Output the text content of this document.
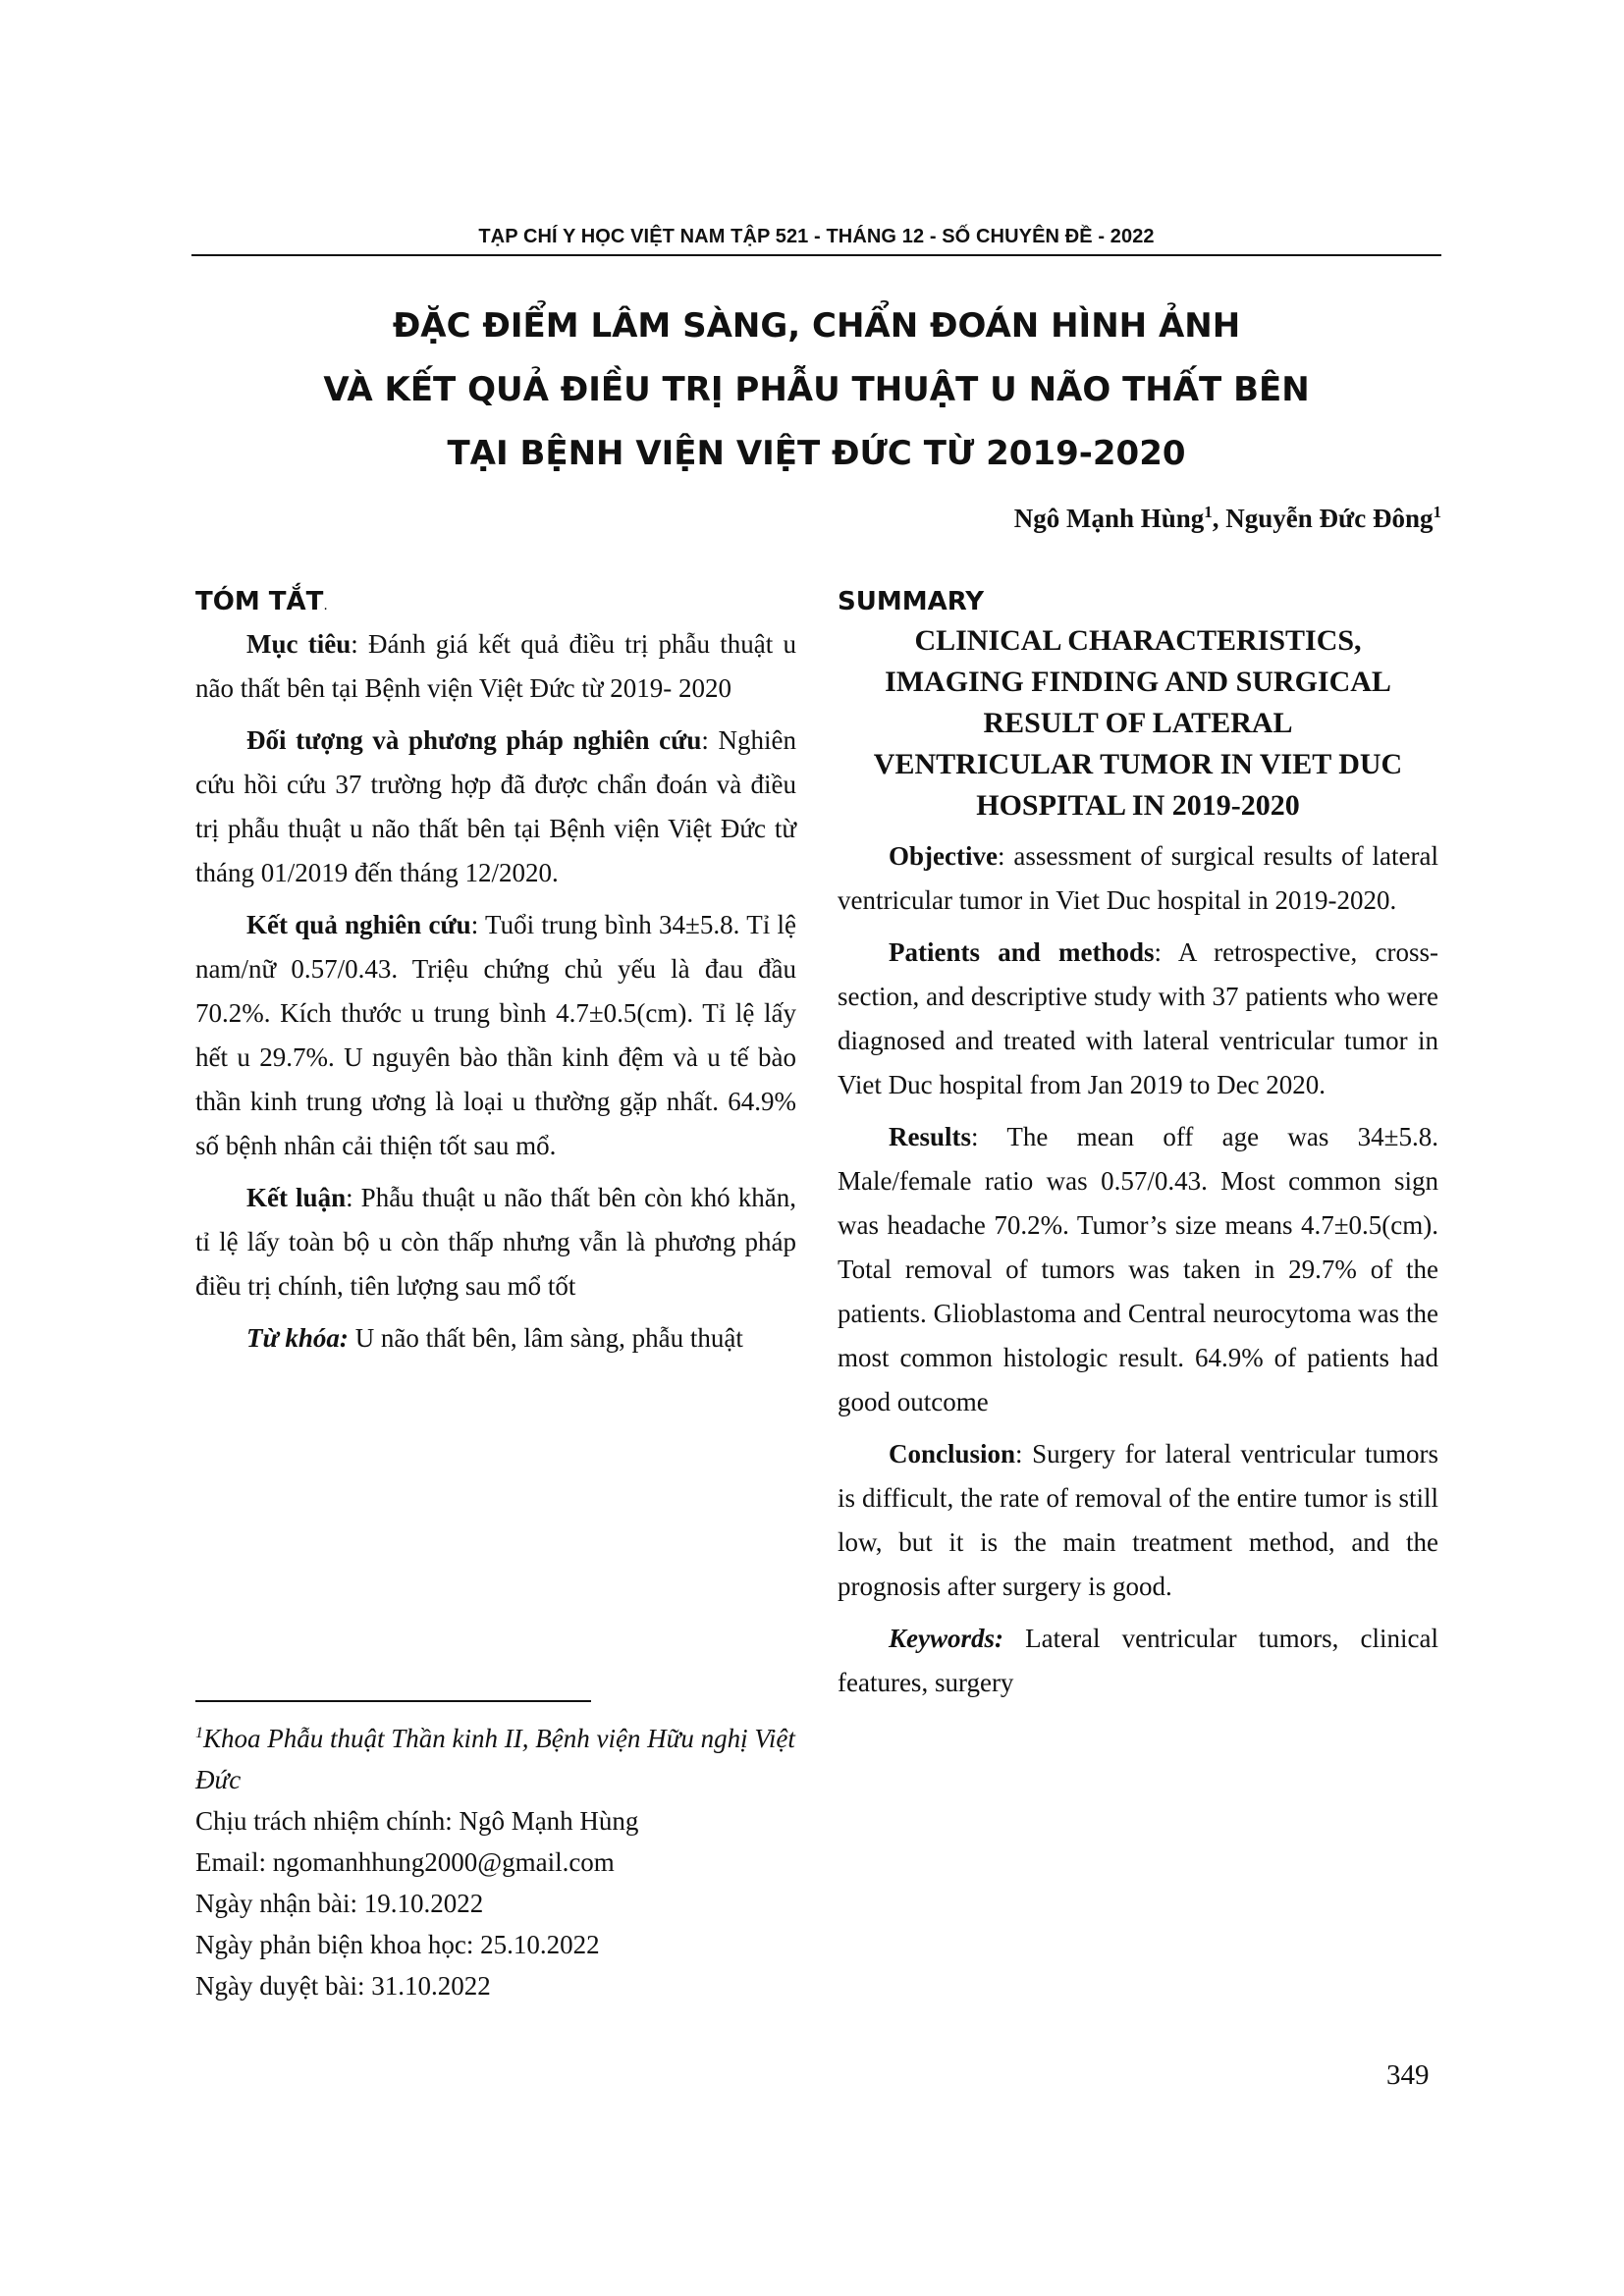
TẠP CHÍ Y HỌC VIỆT NAM TẬP 521 - THÁNG 12 - SỐ CHUYÊN ĐỀ - 2022
ĐẶC ĐIỂM LÂM SÀNG, CHẨN ĐOÁN HÌNH ẢNH
VÀ KẾT QUẢ ĐIỀU TRỊ PHẪU THUẬT U NÃO THẤT BÊN
TẠI BỆNH VIỆN VIỆT ĐỨC TỪ 2019-2020
Ngô Mạnh Hùng$^1$, Nguyễn Đức Đông$^1$
TÓM TẮT.

Mục tiêu: Đánh giá kết quả điều trị phẫu thuật u não thất bên tại Bệnh viện Việt Đức từ 2019- 2020

Đối tượng và phương pháp nghiên cứu: Nghiên cứu hồi cứu 37 trường hợp đã được chẩn đoán và điều trị phẫu thuật u não thất bên tại Bệnh viện Việt Đức từ tháng 01/2019 đến tháng 12/2020.

Kết quả nghiên cứu: Tuổi trung bình 34±5.8. Tỉ lệ nam/nữ 0.57/0.43. Triệu chứng chủ yếu là đau đầu 70.2%. Kích thước u trung bình 4.7±0.5(cm). Tỉ lệ lấy hết u 29.7%. U nguyên bào thần kinh đệm và u tế bào thần kinh trung ương là loại u thường gặp nhất. 64.9% số bệnh nhân cải thiện tốt sau mổ.

Kết luận: Phẫu thuật u não thất bên còn khó khăn, tỉ lệ lấy toàn bộ u còn thấp nhưng vẫn là phương pháp điều trị chính, tiên lượng sau mổ tốt

Từ khóa: U não thất bên, lâm sàng, phẫu thuật

SUMMARY
CLINICAL CHARACTERISTICS,
IMAGING FINDING AND SURGICAL
RESULT OF LATERAL
VENTRICULAR TUMOR IN VIET DUC
HOSPITAL IN 2019-2020

Objective: assessment of surgical results of lateral ventricular tumor in Viet Duc hospital in 2019-2020.

Patients and methods: A retrospective, cross-section, and descriptive study with 37 patients who were diagnosed and treated with lateral ventricular tumor in Viet Duc hospital from Jan 2019 to Dec 2020.

Results: The mean off age was 34±5.8. Male/female ratio was 0.57/0.43. Most common sign was headache 70.2%. Tumor’s size means 4.7±0.5(cm). Total removal of tumors was taken in 29.7% of the patients. Glioblastoma and Central neurocytoma was the most common histologic result. 64.9% of patients had good outcome

Conclusion: Surgery for lateral ventricular tumors is difficult, the rate of removal of the entire tumor is still low, but it is the main treatment method, and the prognosis after surgery is good.

Keywords: Lateral ventricular tumors, clinical features, surgery

$^1$Khoa Phẫu thuật Thần kinh II, Bệnh viện Hữu nghị Việt Đức
Chịu trách nhiệm chính: Ngô Mạnh Hùng
Email: ngomanhhung2000@gmail.com
Ngày nhận bài: 19.10.2022
Ngày phản biện khoa học: 25.10.2022
Ngày duyệt bài: 31.10.2022
349
